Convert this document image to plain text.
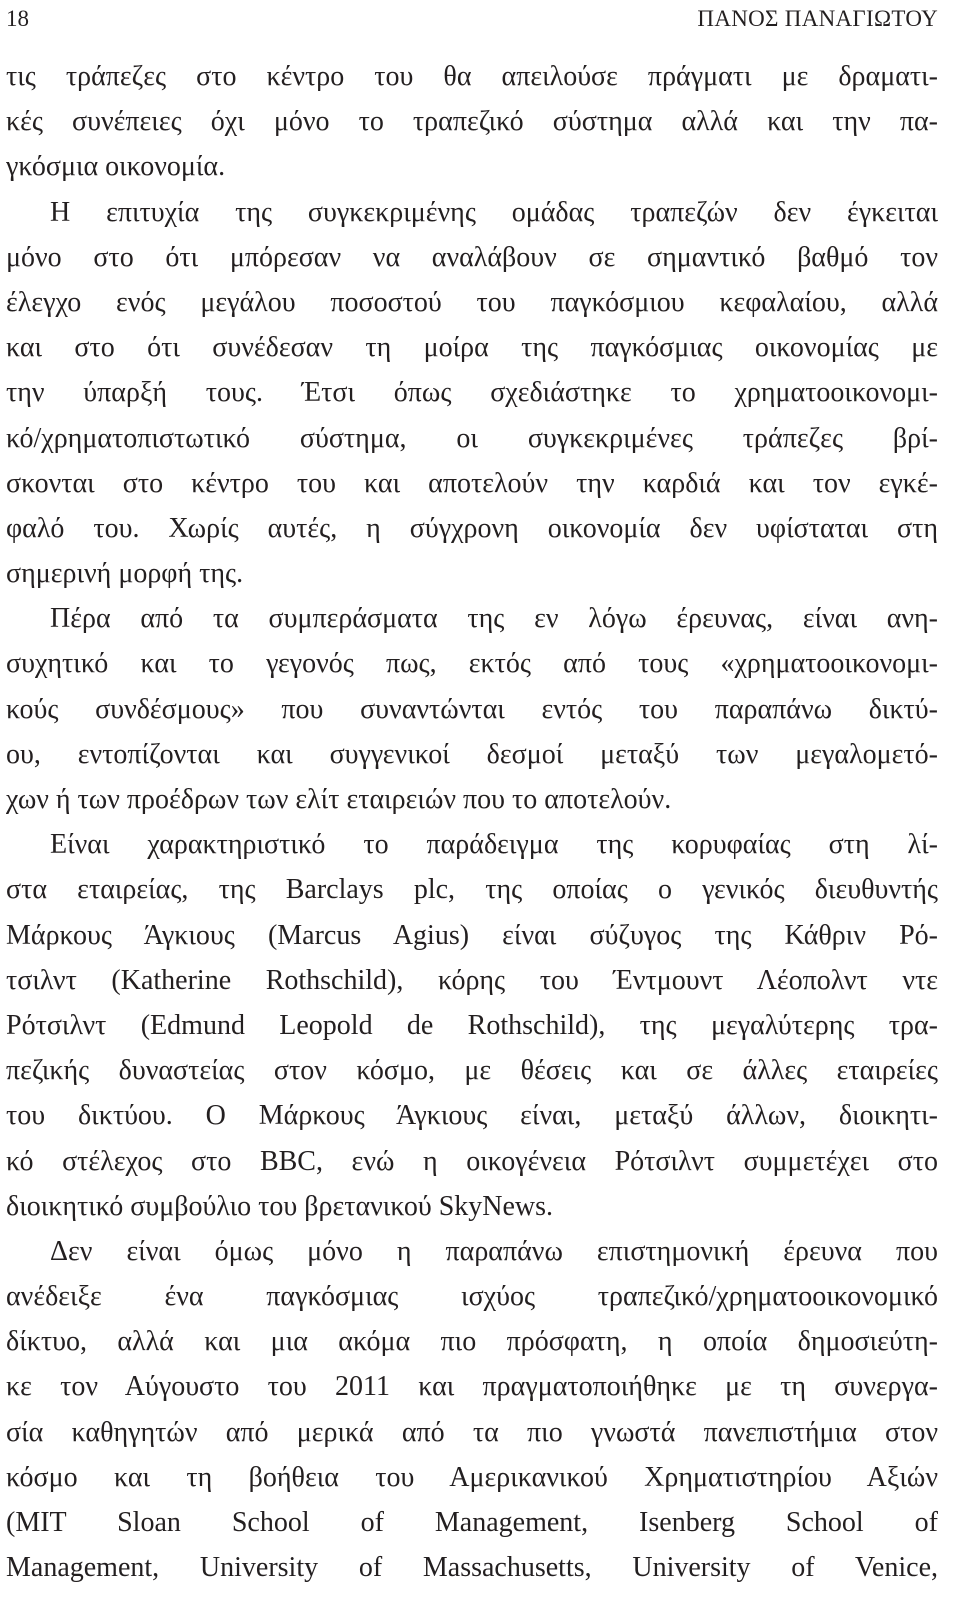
18	ΠΑΝΟΣ ΠΑΝΑΓΙΩΤΟΥ
τις τράπεζες στο κέντρο του θα απειλούσε πράγματι με δραματι-
κές συνέπειες όχι μόνο το τραπεζικό σύστημα αλλά και την πα-
γκόσμια οικονομία.
Η επιτυχία της συγκεκριμένης ομάδας τραπεζών δεν έγκειται
μόνο στο ότι μπόρεσαν να αναλάβουν σε σημαντικό βαθμό τον
έλεγχο ενός μεγάλου ποσοστού του παγκόσμιου κεφαλαίου, αλλά
και στο ότι συνέδεσαν τη μοίρα της παγκόσμιας οικονομίας με
την ύπαρξή τους. Έτσι όπως σχεδιάστηκε το χρηματοοικονομι-
κό/χρηματοπιστωτικό σύστημα, οι συγκεκριμένες τράπεζες βρί-
σκονται στο κέντρο του και αποτελούν την καρδιά και τον εγκέ-
φαλό του. Χωρίς αυτές, η σύγχρονη οικονομία δεν υφίσταται στη
σημερινή μορφή της.
Πέρα από τα συμπεράσματα της εν λόγω έρευνας, είναι ανη-
συχητικό και το γεγονός πως, εκτός από τους «χρηματοοικονομι-
κούς συνδέσμους» που συναντώνται εντός του παραπάνω δικτύ-
ου, εντοπίζονται και συγγενικοί δεσμοί μεταξύ των μεγαλομετό-
χων ή των προέδρων των ελίτ εταιρειών που το αποτελούν.
Είναι χαρακτηριστικό το παράδειγμα της κορυφαίας στη λί-
στα εταιρείας, της Barclays plc, της οποίας ο γενικός διευθυντής
Μάρκους Άγκιους (Marcus Agius) είναι σύζυγος της Κάθριν Ρό-
τσιλντ (Katherine Rothschild), κόρης του Έντμουντ Λέοπολντ ντε
Ρότσιλντ (Edmund Leopold de Rothschild), της μεγαλύτερης τρα-
πεζικής δυναστείας στον κόσμο, με θέσεις και σε άλλες εταιρείες
του δικτύου. Ο Μάρκους Άγκιους είναι, μεταξύ άλλων, διοικητι-
κό στέλεχος στο BBC, ενώ η οικογένεια Ρότσιλντ συμμετέχει στο
διοικητικό συμβούλιο του βρετανικού SkyNews.
Δεν είναι όμως μόνο η παραπάνω επιστημονική έρευνα που
ανέδειξε ένα παγκόσμιας ισχύος τραπεζικό/χρηματοοικονομικό
δίκτυο, αλλά και μια ακόμα πιο πρόσφατη, η οποία δημοσιεύτη-
κε τον Αύγουστο του 2011 και πραγματοποιήθηκε με τη συνεργα-
σία καθηγητών από μερικά από τα πιο γνωστά πανεπιστήμια στον
κόσμο και τη βοήθεια του Αμερικανικού Χρηματιστηρίου Αξιών
(MIT Sloan School of Management, Isenberg School of
Management, University of Massachusetts, University of Venice,
